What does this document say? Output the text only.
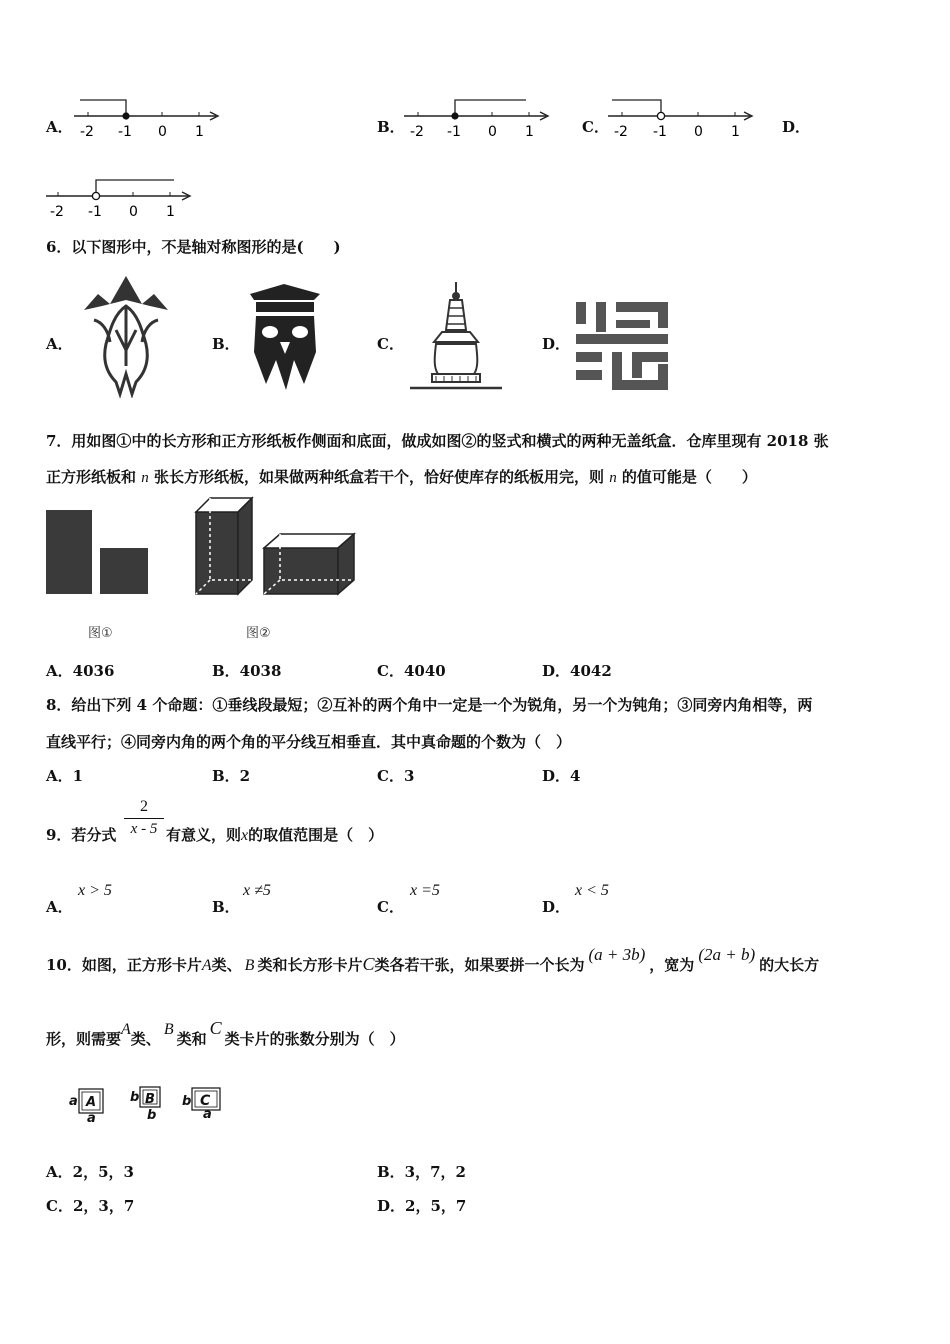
A． -2 -1 0 1	B． -2 -1 0 1	C． -2 -1 0 1	D．
-2 -1 0 1
6．以下图形中，不是轴对称图形的是(　　)
A．	B．	C．	D．
7．用如图①中的长方形和正方形纸板作侧面和底面，做成如图②的竖式和横式的两种无盖纸盒．仓库里现有 2018 张
正方形纸板和 n 张长方形纸板，如果做两种纸盒若干个，恰好使库存的纸板用完，则 n 的值可能是（　　）
图①	图②
A．4036	B．4038	C．4040	D．4042
8．给出下列 4 个命题：①垂线段最短；②互补的两个角中一定是一个为锐角，另一个为钝角；③同旁内角相等，两
直线平行；④同旁内角的两个角的平分线互相垂直．其中真命题的个数为（　）
A．1	B．2	C．3	D．4
9．若分式
2
x - 5 有意义，则x的取值范围是（　）
A．
x > 5
B．
x ≠5
C．
x =5
D．
x < 5
10．如图，正方形卡片A类、 B 类和长方形卡片C类各若干张，如果要拼一个长为(a + 3b)，宽为(2a + b)的大长方
形，则需要A类、B类和C类卡片的张数分别为（　）
a A
a
b B
b
b C
a
A．2，5，3	B．3，7，2
C．2，3，7	D．2，5，7
